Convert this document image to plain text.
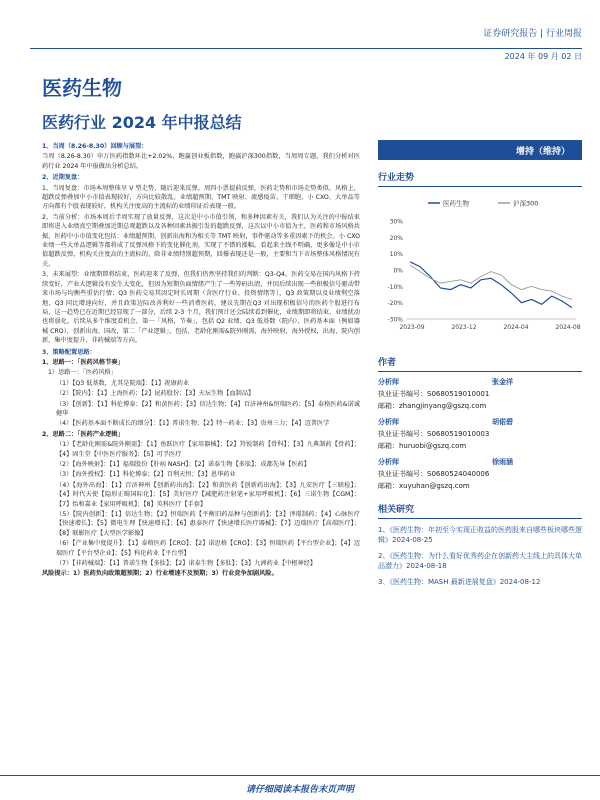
证券研究报告 | 行业周报
2024 年 09 月 02 日
医药生物
医药行业 2024 年中报总结
1、当周（8.26-8.30）回顾与展望：

当周（8.26-8.30）申万医药指数环比+2.02%，跑赢创业板指数，跑赢沪深300指数，当周周专题，我们分析对医药行业 2024 年中报做出分析总结。

2、近期复盘：

1、当周复盘：市场本周整体呈 V 型走势，随后迎来反弹。周四小票提前反弹，医药走势和市场走势类似，风格上，超跌反弹叠加中小市值表现较好，方向比较散乱。业绩超预期、TMT 映射、流感疫苗、干细胞、小 CXO、大单品等方向都有个股表现较好，机构关注度高的主流标的业绩印证后表现一般。

2、当前分析：市场本周后半周实现了放量反弹，这次是中小市值引领，和多种因素有关，我们认为关注的中报结束即将进入业绩真空期叠加近期总观超跌以及各种因素共振引发的超跌反弹，这次以中小市值为主，医药和市场风格共振，医药中小市值变化包括：业绩超预期、创新出海和为相关等 TMT 映射，事件驱动等多重因素下的机会。小 CXO 业绩一些大单品逻辑等都将成了反弹风格下的变化催化剂，实现了不错的涨幅。看起来主线不明确，更多像是中小市值超跌反弹，机构关注度高的主流标的，除非业绩特别超预期，回撑表现还是一般，主要和当下市场整体风格情况有关。

3、未来展望：业绩期即将结束，医药迎来了反弹，但我们仍然坚持我们的判断：Q3-Q4，医药交易在国内风格下持续变好，产业大逻辑没有发生大变化，但因为短期负面情绪产生了一些筹码出清，并因后续出现一些积极信号驱动带来市场与均衡些重估行情；Q3 医药交易其因定时长周期（含医疗行业、投资情绪等），Q3 政策期以及业绩利空落地，Q3 同比增速向好，并且政策边际改善利好一些消费医药，建议先期在Q3 对出现积极信号的医药个股进行布局，这一趋势已在近期已经显现了一部分，后续 2-3 个月，我们预计还会陆续看到催化，业绩期即将结束，业绩扰动也将弱化，后续从多个维度看机会，第一「风格，节奏」，包括 Q2 业绩、Q3 低基数（院内）、医药基本面（例如器械 CRO），创新出海、国改，第二「产业逻辑」，包括，老龄化刚需&院外刚需，海外映射，海外授权，出海，院内创新，集中度提升，非药械端等方向。

3、策略配置思路：

1、思路一：「医药风格节奏」

1）思路一：「医药风格」

（1）【Q3 低基数，尤其是院端】：【1】祝康药业

（2）【院内】：【1】上海医药；【2】昆药股份；【3】天坛生物【血制品】

（3）【创新】：【1】科伦博泰；【2】和黄医药；【3】信达生物；【4】百济神州&恒瑞医药；【5】泰格医药&诺诚健华

（4）【医药基本面不断成长的细分】：【1】普诺生物；【2】特一药业；【3】贵州三力；【4】迈普医学

2、思路二：「医药产业逻辑」

（1）【老龄化刚需&院外刚需】：【1】鱼跃医疗【家用器械】；【2】羚锐制药【骨科】；【3】九典制药【骨药】；【4】固生堂【中医医疗服务】；【5】可孚医疗

（2）【海外映射】：【1】福瑞股份【肝病 NASH】；【2】诺泰生物【多肽】；成都先导【医药】

（3）【海外授权】：【1】科伦博泰；【2】百利天恒；【3】恩华药业

（4）【海外出海】：【1】百济神州【创新药出海】；【2】和黄医药【创新药出海】；【3】九安医疗【三联检】；【4】时代天使【隐形正畸国际化】；【5】美好医疗【减肥药注射笔+家用呼吸机】；【6】三诺生物【CGM】；【7】怡和嘉业【家用呼吸机】；【8】英科医疗【手套】

（5）【院内创新】：【1】信达生物；【2】恒瑞医药【平衡旧药品种与创新药】；【3】泽璟制药；【4】心脉医疗【快速增长】；【5】微电生理【快速增长】；【6】惠泰医疗【快速增长医疗器械】；【7】迈瑞医疗【高端医疗】；【8】联影医疗【大型医学影像】

（6）【产业集中度提升】：【1】泰格医药【CRO】；【2】诺思格【CRO】；【3】恒瑞医药【平台型企业】；【4】迈瑞医疗【平台型企业】；【5】科伦药业【平台型】

（7）【非药械端】：【1】普诺生物【多肽】；【2】诺泰生物【多肽】；【3】九洲药业【中枢神经】

风险提示：1）医药负向政策超预期；2）行业增速不及预期；3）行业竞争加剧风险。

增持（维持）
行业走势
30%
20%
10%
0%
-10%
-20%
-30%
2023-09	2023-12	2024-04	2024-08
医药生物	沪深300
作者
分析师	张金洋
执业证书编号：S0680519010001
邮箱：zhangjinyang@gszq.com
分析师	胡偌碧
执业证书编号：S0680519010003
邮箱：huruobi@gszq.com
分析师	徐雨涵
执业证书编号：S0680524040006
邮箱：xuyuhan@gszq.com
相关研究
1、《医药生物：年初至今实现正收益的医药股来自哪些板块哪些逻辑》2024-08-25
2、《医药生物：为什么看好优秀药企在创新药大主线上的具体大单品潜力》2024-08-18
3、《医药生物：MASH 最新进展复盘》2024-08-12
请仔细阅读本报告末页声明
